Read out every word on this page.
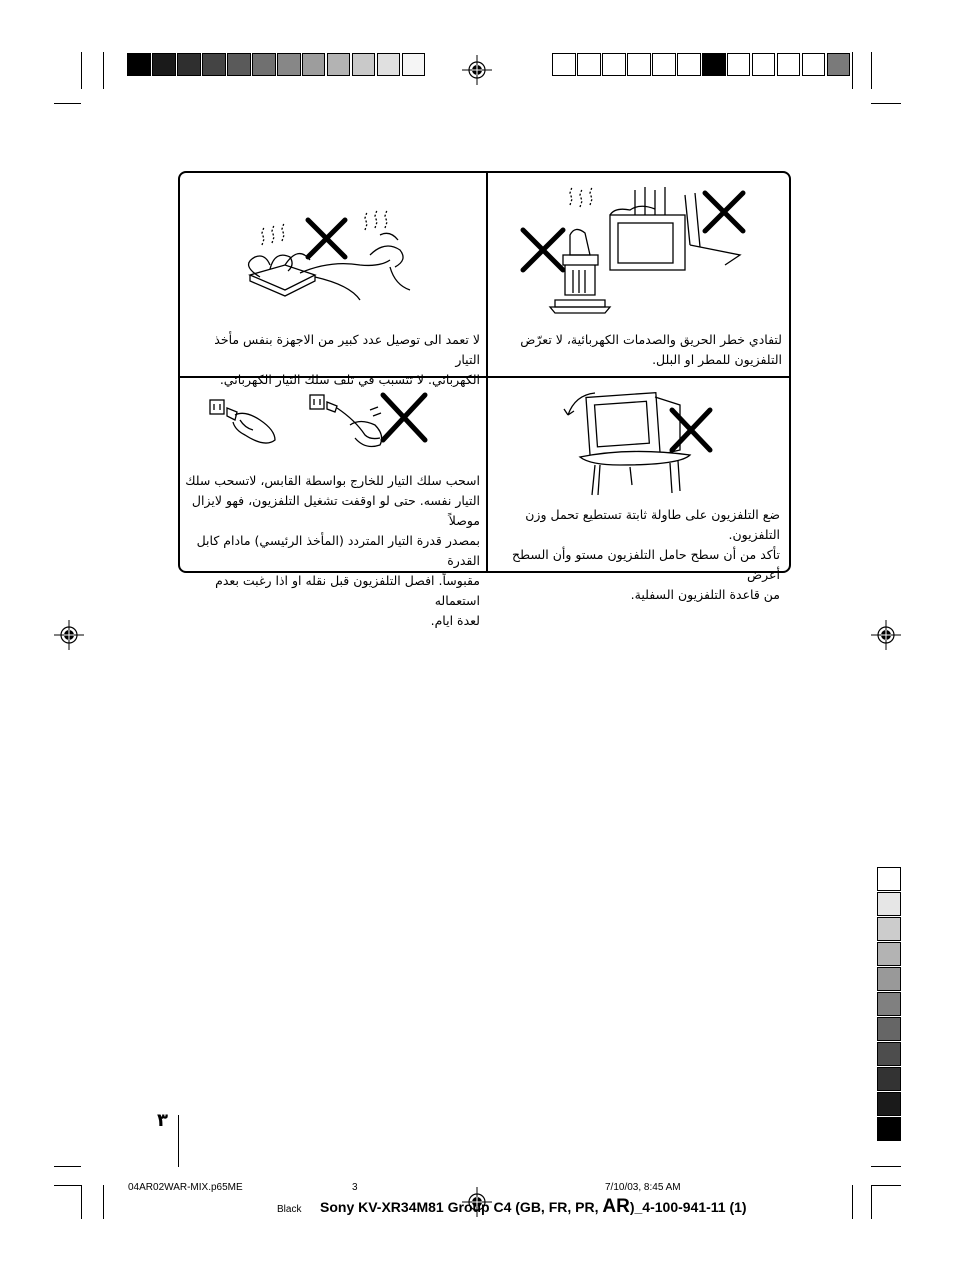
لا تعمد الى توصيل عدد كبير من الاجهزة بنفس مأخذ التيار
الكهربائي. لا تتسبب في تلف سلك التيار الكهربائي.
لتفادي خطر الحريق والصدمات الكهربائية، لا تعرّض
التلفزيون للمطر او البلل.
اسحب سلك التيار للخارج بواسطة القابس، لاتسحب سلك
التيار نفسه. حتى لو اوقفت تشغيل التلفزيون، فهو لايزال موصلاً
بمصدر قدرة التيار المتردد (المأخذ الرئيسي) مادام كابل القدرة
مقبوساً. افصل التلفزيون قبل نقله او اذا رغبت بعدم استعماله
لعدة ايام.
ضع التلفزيون على طاولة ثابتة تستطيع تحمل وزن التلفزيون.
تأكد من أن سطح حامل التلفزيون مستو وأن السطح أعرض
من قاعدة التلفزيون السفلية.
٣
04AR02WAR-MIX.p65ME	3	7/10/03, 8:45 AM
Black Sony KV-XR34M81 Group C4 (GB, FR, PR, AR)_4-100-941-11 (1)
